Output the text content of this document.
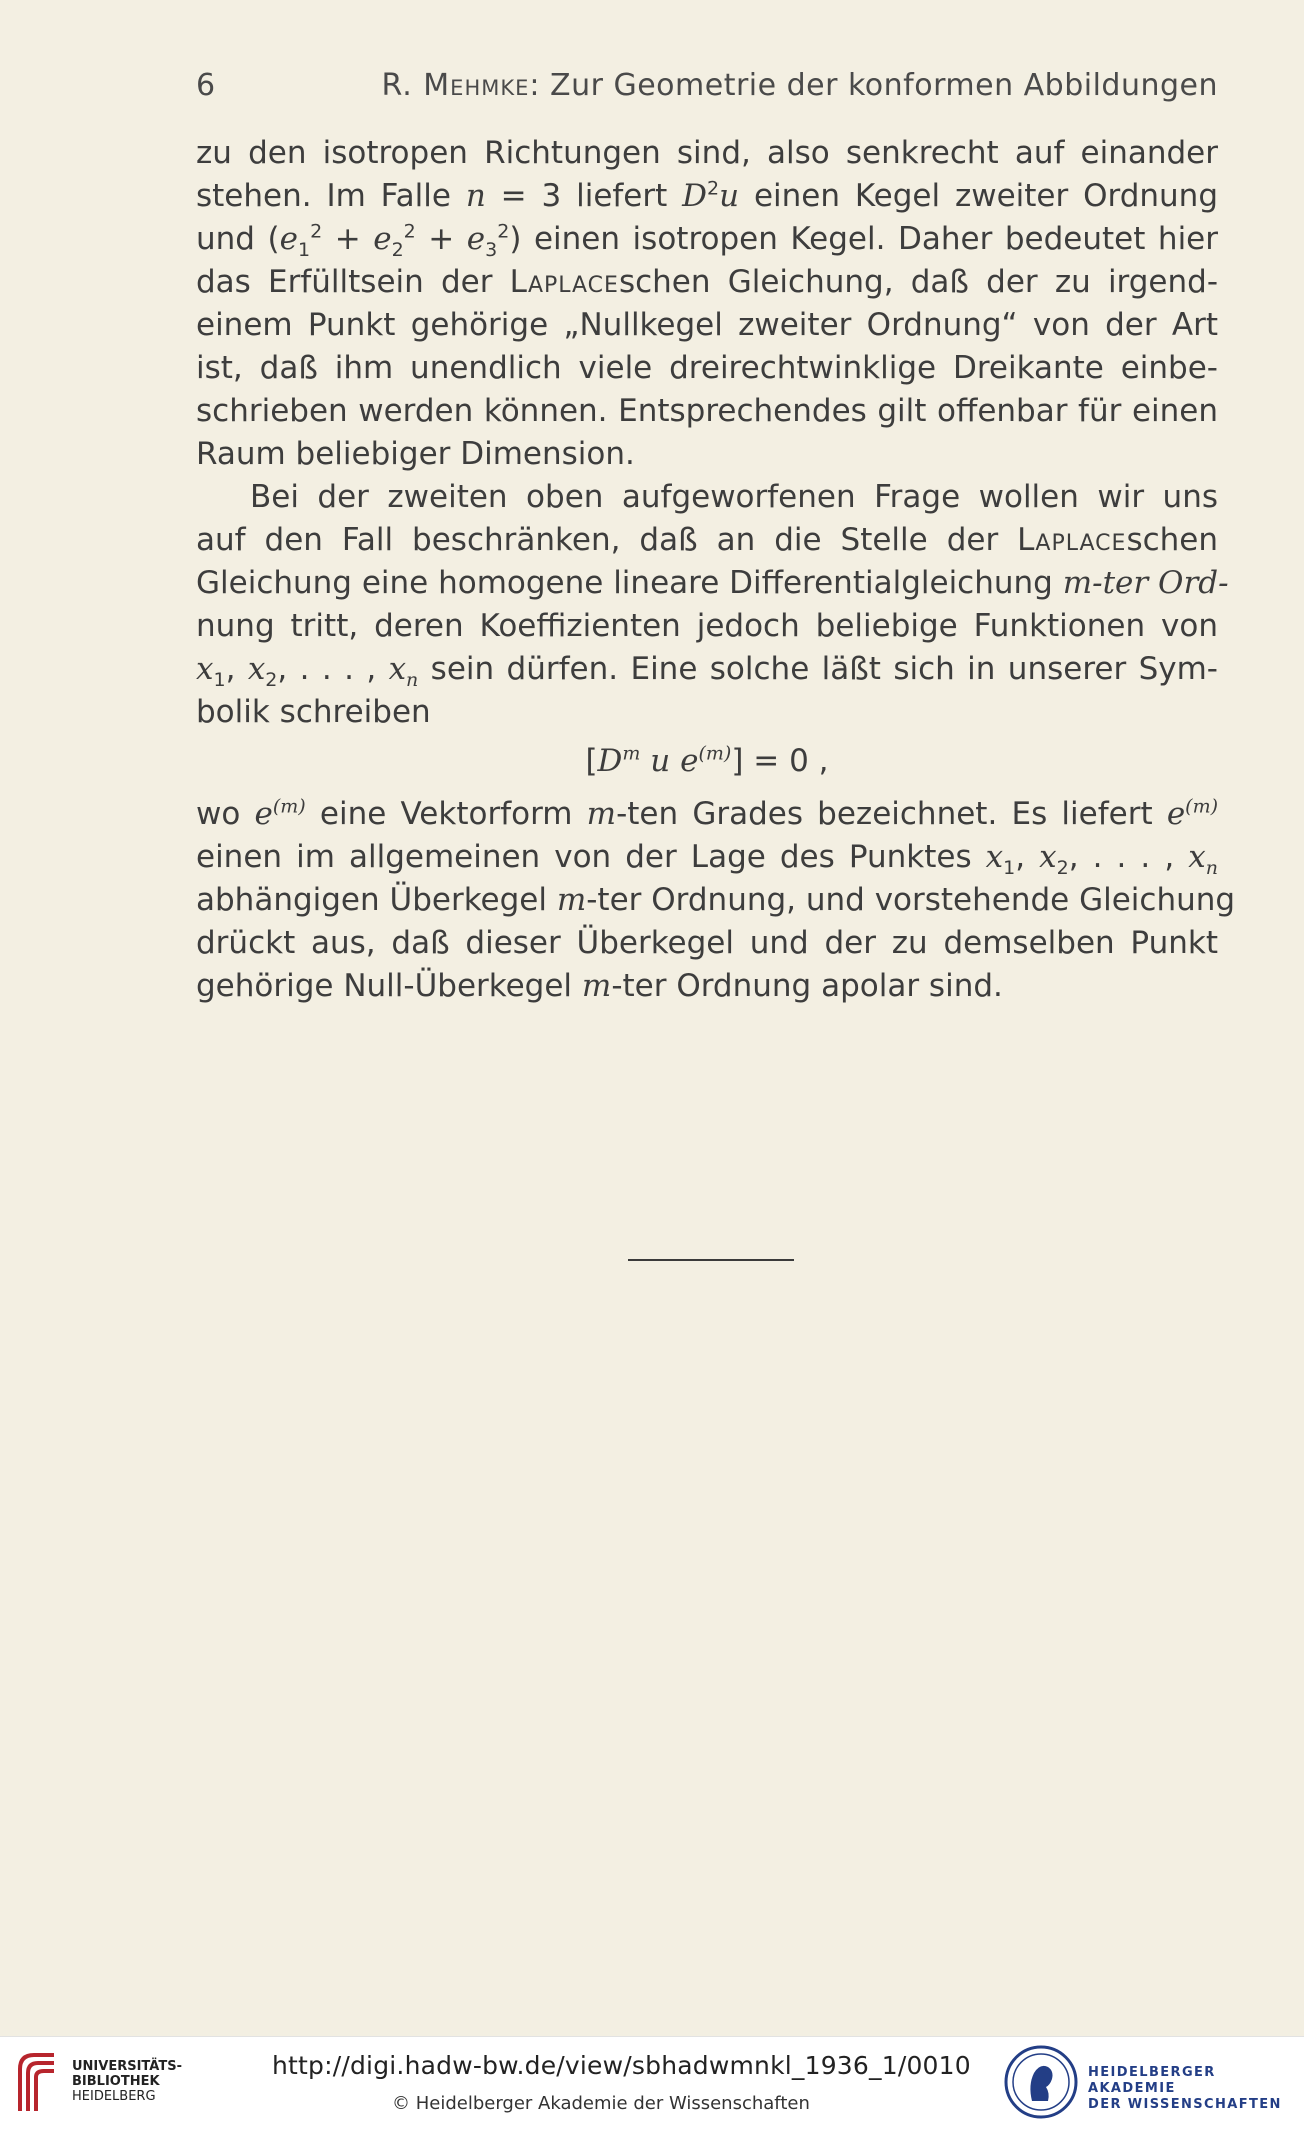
6	R. Mehmke: Zur Geometrie der konformen Abbildungen
zu den isotropen Richtungen sind, also senkrecht auf einander
stehen. Im Falle n = 3 liefert $D^2u$ einen Kegel zweiter Ordnung
und $(e_1^2 + e_2^2 + e_3^2)$ einen isotropen Kegel. Daher bedeutet hier
das Erfülltsein der Laplaceschen Gleichung, daß der zu irgend-
einem Punkt gehörige „Nullkegel zweiter Ordnung“ von der Art
ist, daß ihm unendlich viele dreirechtwinklige Dreikante einbe-
schrieben werden können. Entsprechendes gilt offenbar für einen
Raum beliebiger Dimension.
Bei der zweiten oben aufgeworfenen Frage wollen wir uns
auf den Fall beschränken, daß an die Stelle der Laplaceschen
Gleichung eine homogene lineare Differentialgleichung m-ter Ord-
nung tritt, deren Koeffizienten jedoch beliebige Funktionen von
$x_1$, $x_2$, . . . , $x_n$ sein dürfen. Eine solche läßt sich in unserer Sym-
bolik schreiben
[$D^m$ u $e^{(m)}] = 0$ ,
wo $e^{(m)}$ eine Vektorform m-ten Grades bezeichnet. Es liefert $e^{(m)}$
einen im allgemeinen von der Lage des Punktes $x_1$, $x_2$, . . . , $x_n$
abhängigen Überkegel m-ter Ordnung, und vorstehende Gleichung
drückt aus, daß dieser Überkegel und der zu demselben Punkt
gehörige Null-Überkegel m-ter Ordnung apolar sind.
UNIVERSITÄTS-
BIBLIOTHEK
HEIDELBERG
http://digi.hadw-bw.de/view/sbhadwmnkl_1936_1/0010
© Heidelberger Akademie der Wissenschaften
HEIDELBERGER AKADEMIE
DER WISSENSCHAFTEN
